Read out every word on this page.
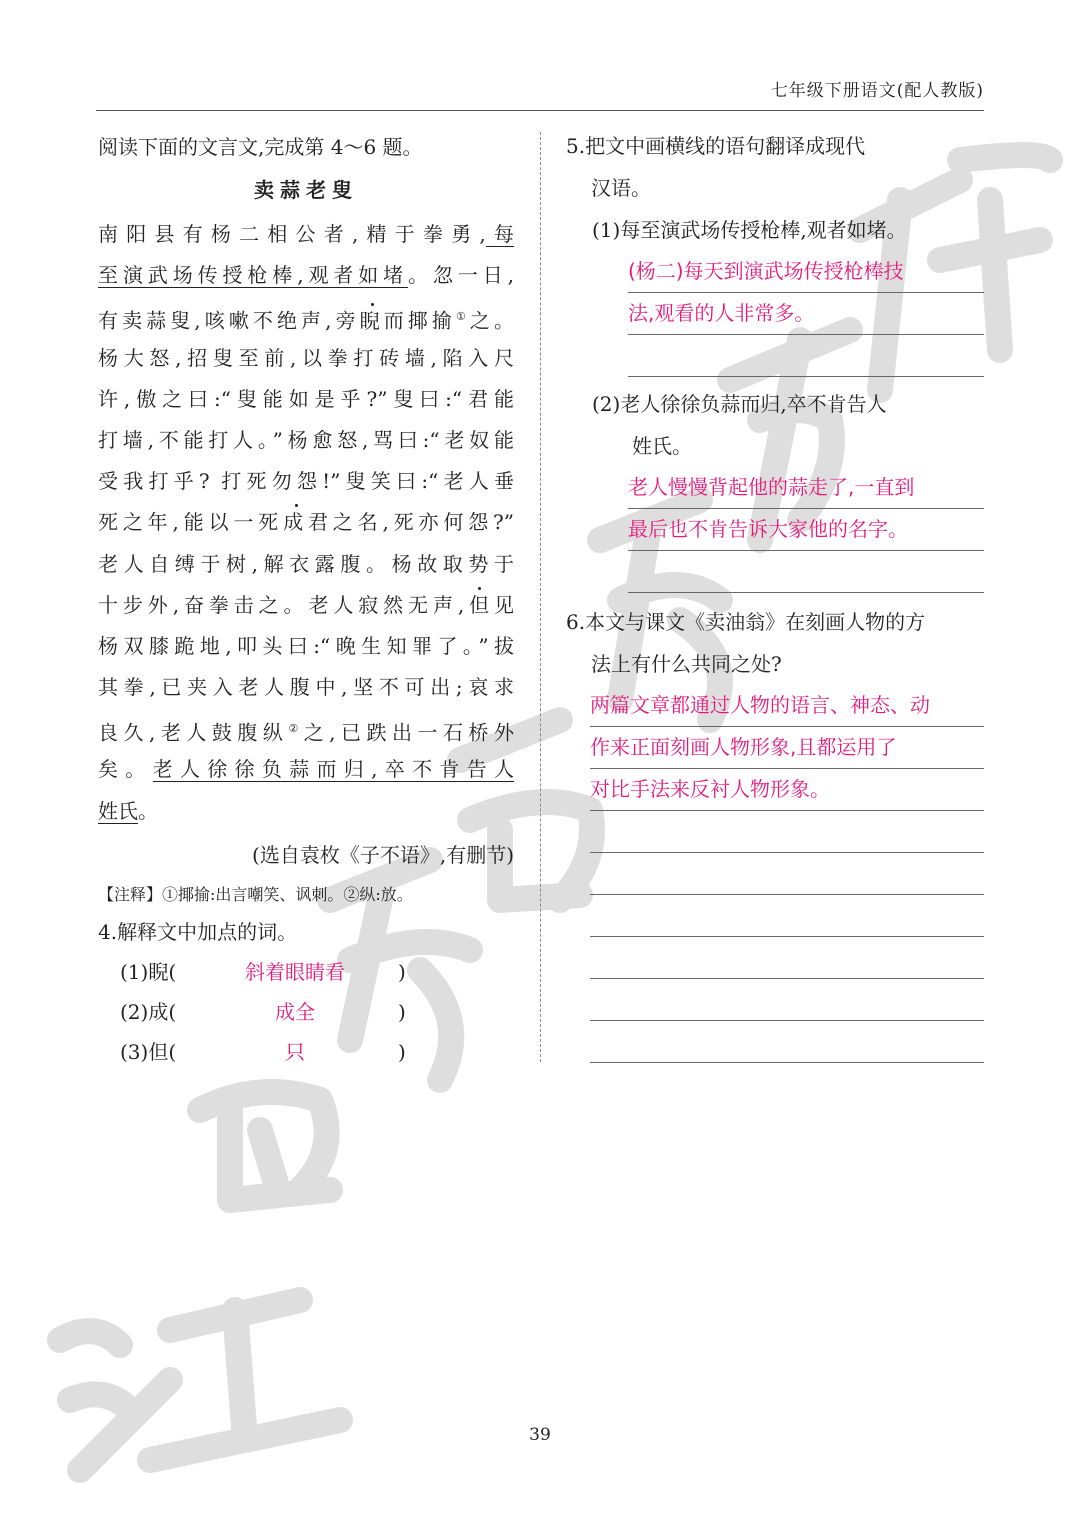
七年级下册语文(配人教版)
阅读下面的文言文,完成第 4～6 题。
卖蒜老叟
南阳县有杨二相公者,精于拳勇,每
至演武场传授枪棒,观者如堵。忽一日,
有卖蒜叟,咳嗽不绝声,旁睨而揶揄①之。
杨大怒,招叟至前,以拳打砖墙,陷入尺
许,傲之曰:“叟能如是乎?”叟曰:“君能
打墙,不能打人。”杨愈怒,骂曰:“老奴能
受我打乎? 打死勿怨!”叟笑曰:“老人垂
死之年,能以一死成君之名,死亦何怨?”
老人自缚于树,解衣露腹。杨故取势于
十步外,奋拳击之。老人寂然无声,但见
杨双膝跪地,叩头曰:“晚生知罪了。”拔
其拳,已夹入老人腹中,坚不可出;哀求
良久,老人鼓腹纵②之,已跌出一石桥外
矣。老人徐徐负蒜而归,卒不肯告人
姓氏。
(选自袁枚《子不语》,有删节)
【注释】①揶揄:出言嘲笑、讽刺。②纵:放。
4.解释文中加点的词。
(1)睨(	斜着眼睛看	)
(2)成(	成全	)
(3)但(	只	)
5.把文中画横线的语句翻译成现代
汉语。
(1)每至演武场传授枪棒,观者如堵。
(杨二)每天到演武场传授枪棒技
法,观看的人非常多。
(2)老人徐徐负蒜而归,卒不肯告人
姓氏。
老人慢慢背起他的蒜走了,一直到
最后也不肯告诉大家他的名字。
6.本文与课文《卖油翁》在刻画人物的方
法上有什么共同之处?
两篇文章都通过人物的语言、神态、动
作来正面刻画人物形象,且都运用了
对比手法来反衬人物形象。
39
